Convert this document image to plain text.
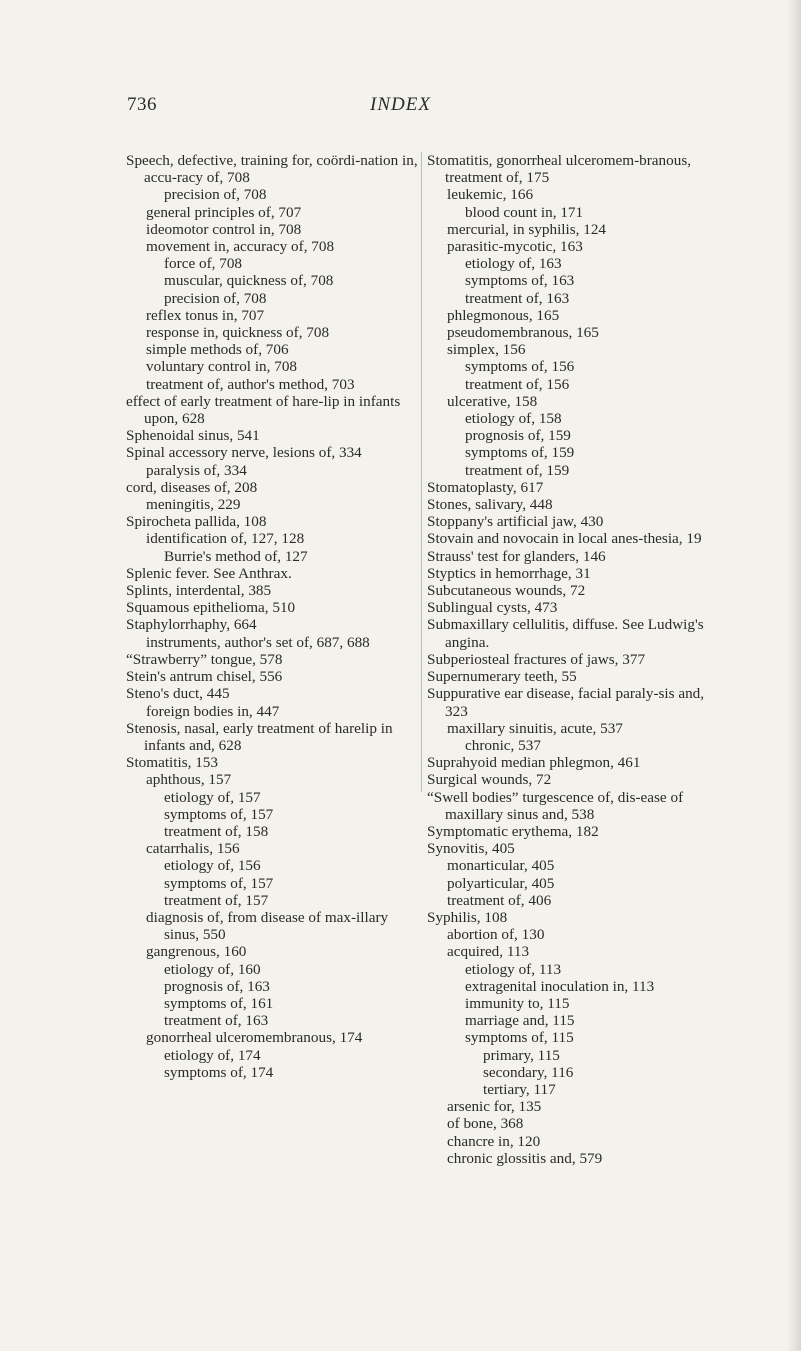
736	INDEX

Speech, defective, training for, coördi-nation in, accu-racy of, 708

precision of, 708

general principles of, 707

ideomotor control in, 708

movement in, accuracy of, 708

force of, 708

muscular, quickness of, 708

precision of, 708

reflex tonus in, 707

response in, quickness of, 708

simple methods of, 706

voluntary control in, 708

treatment of, author's method, 703

effect of early treatment of hare-lip in infants upon, 628

Sphenoidal sinus, 541

Spinal accessory nerve, lesions of, 334

paralysis of, 334

cord, diseases of, 208

meningitis, 229

Spirocheta pallida, 108

identification of, 127, 128

Burrie's method of, 127

Splenic fever. See Anthrax.

Splints, interdental, 385

Squamous epithelioma, 510

Staphylorrhaphy, 664

instruments, author's set of, 687, 688

“Strawberry” tongue, 578

Stein's antrum chisel, 556

Steno's duct, 445

foreign bodies in, 447

Stenosis, nasal, early treatment of harelip in infants and, 628

Stomatitis, 153

aphthous, 157

etiology of, 157

symptoms of, 157

treatment of, 158

catarrhalis, 156

etiology of, 156

symptoms of, 157

treatment of, 157

diagnosis of, from disease of max-illary sinus, 550

gangrenous, 160

etiology of, 160

prognosis of, 163

symptoms of, 161

treatment of, 163

gonorrheal ulceromembranous, 174

etiology of, 174

symptoms of, 174

Stomatitis, gonorrheal ulceromem-branous, treatment of, 175

leukemic, 166

blood count in, 171

mercurial, in syphilis, 124

parasitic-mycotic, 163

etiology of, 163

symptoms of, 163

treatment of, 163

phlegmonous, 165

pseudomembranous, 165

simplex, 156

symptoms of, 156

treatment of, 156

ulcerative, 158

etiology of, 158

prognosis of, 159

symptoms of, 159

treatment of, 159

Stomatoplasty, 617

Stones, salivary, 448

Stoppany's artificial jaw, 430

Stovain and novocain in local anes-thesia, 19

Strauss' test for glanders, 146

Styptics in hemorrhage, 31

Subcutaneous wounds, 72

Sublingual cysts, 473

Submaxillary cellulitis, diffuse. See Ludwig's angina.

Subperiosteal fractures of jaws, 377

Supernumerary teeth, 55

Suppurative ear disease, facial paraly-sis and, 323

maxillary sinuitis, acute, 537

chronic, 537

Suprahyoid median phlegmon, 461

Surgical wounds, 72

“Swell bodies” turgescence of, dis-ease of maxillary sinus and, 538

Symptomatic erythema, 182

Synovitis, 405

monarticular, 405

polyarticular, 405

treatment of, 406

Syphilis, 108

abortion of, 130

acquired, 113

etiology of, 113

extragenital inoculation in, 113

immunity to, 115

marriage and, 115

symptoms of, 115

primary, 115

secondary, 116

tertiary, 117

arsenic for, 135

of bone, 368

chancre in, 120

chronic glossitis and, 579
